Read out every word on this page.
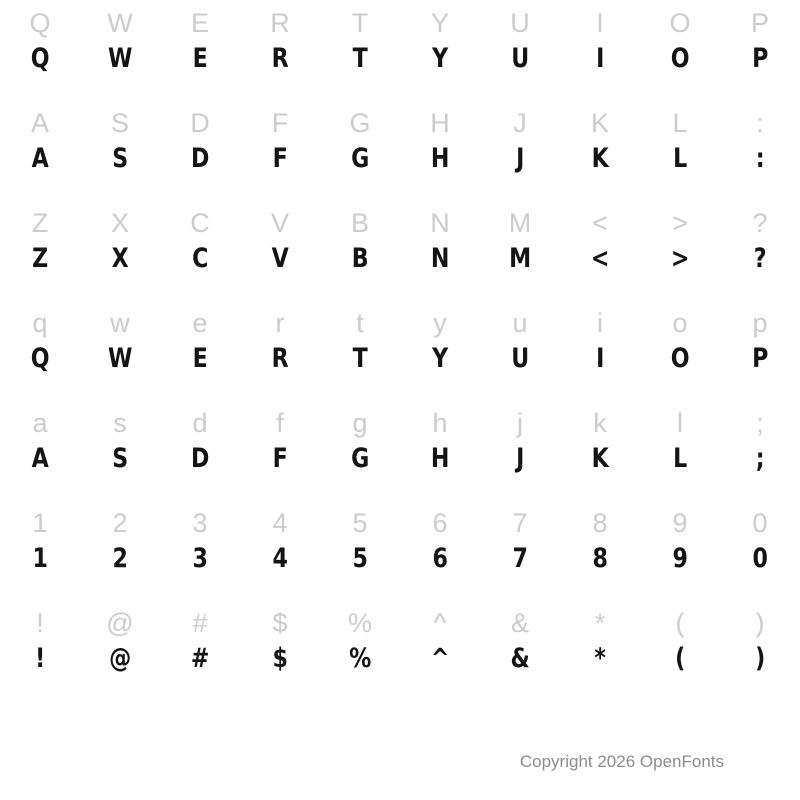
Q	W	E	R	T	Y	U	I	O	P
Q	W	E	R	T	Y	U	I	O	P
A	S	D	F	G	H	J	K	L	:
A	S	D	F	G	H	J	K	L	:
Z	X	C	V	B	N	M	<	>	?
Z	X	C	V	B	N	M	<	>	?
q	w	e	r	t	y	u	i	o	p
Q	W	E	R	T	Y	U	I	O	P
a	s	d	f	g	h	j	k	l	;
A	S	D	F	G	H	J	K	L	;
1	2	3	4	5	6	7	8	9	0
1	2	3	4	5	6	7	8	9	0
!	@	#	$	%	^	&	*	(	)
!	@	#	$	%	^	&	*	(	)
Copyright 2026 OpenFonts
